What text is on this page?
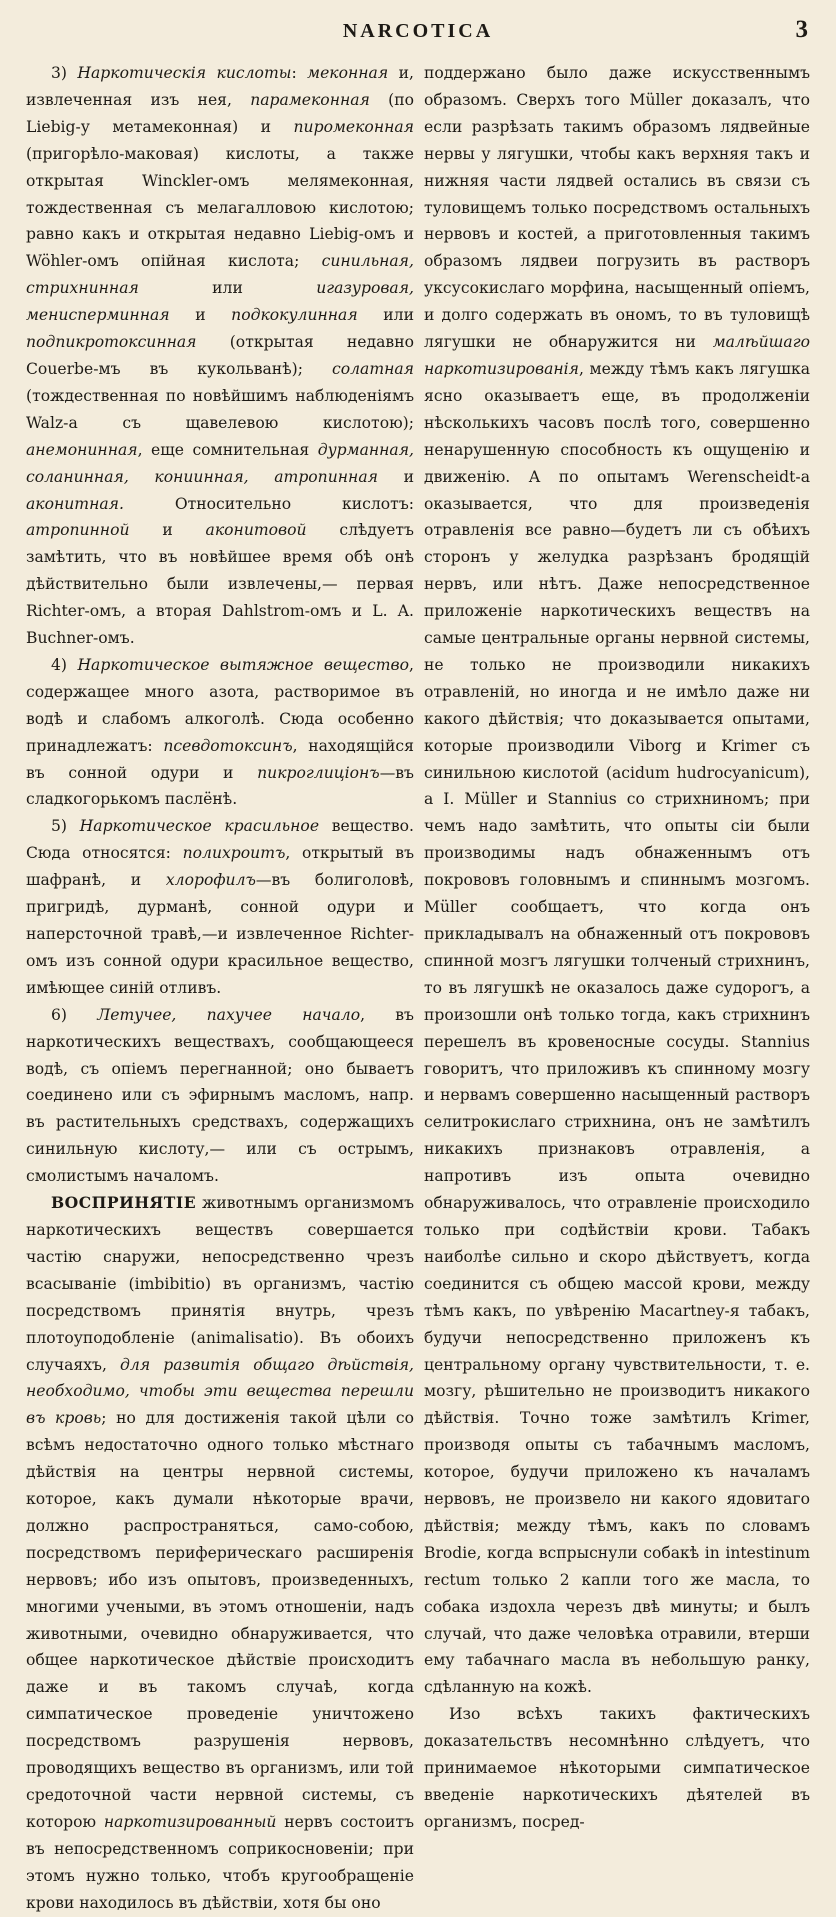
NARCOTICA	3

3) Наркотическія кислоты: меконная и, извлеченная изъ нея, парамеконная (по Liebig-у метамеконная) и пиромеконная (пригорѣло-маковая) кислоты, а также открытая Winckler-омъ мелямеконная, тождественная съ мелагалловою кислотою; равно какъ и открытая недавно Liebig-омъ и Wöhler-омъ опійная кислота; синильная, стрихнинная	или	игазуровая, менисперминная и подкокулинная или подпикротоксинная (открытая недавно Couerbe-мъ въ кукольванѣ); солатная (тождественная по новѣйшимъ наблюденіямъ Walz-а съ щавелевою кислотою); анемонинная, еще сомнительная дурманная, соланинная, кониинная, атропинная и аконитная.	Относительно кислотъ: атропинной и аконитовой слѣдуетъ замѣтить, что въ новѣйшее время обѣ онѣ дѣйствительно были извлечены,— первая Richter-омъ, а вторая Dahlstrom-омъ и L. A. Buchner-омъ.

4) Наркотическое вытяжное вещество, содержащее много азота, растворимое въ водѣ и слабомъ алкоголѣ. Сюда особенно принадлежатъ: псевдотоксинъ, находящійся въ сонной одури и пикроглиціонъ—въ сладкогорькомъ паслёнѣ.

5) Наркотическое красильное вещество. Сюда относятся: полихроитъ, открытый въ шафранѣ, и хлорофилъ—въ болиголовѣ, пригридѣ, дурманѣ, сонной одури и наперсточной травѣ,—и извлеченное Richter-омъ изъ сонной одури красильное вещество, имѣющее синій отливъ.

6) Летучее, пахучее начало, въ наркотическихъ веществахъ, сообщающееся водѣ, съ опіемъ перегнанной; оно бываетъ соединено или съ эфирнымъ масломъ, напр. въ растительныхъ средствахъ, содержащихъ синильную кислоту,— или съ острымъ, смолистымъ началомъ.

ВОСПРИНЯТІЕ животнымъ организмомъ наркотическихъ веществъ совершается частію снаружи, непосредственно чрезъ всасываніе (imbibitio) въ организмъ, частію посредствомъ принятія внутрь, чрезъ плотоуподобленіе (animalisatio). Въ обоихъ случаяхъ, для развитія общаго дѣйствія, необходимо, чтобы эти вещества перешли въ кровь; но для достиженія такой цѣли со всѣмъ недостаточно одного только мѣстнаго дѣйствія на центры нервной системы, которое, какъ думали нѣкоторые врачи, должно распространяться, само-собою, посредствомъ периферическаго расширенія нервовъ; ибо изъ опытовъ, произведенныхъ, многими учеными, въ этомъ отношеніи, надъ животными, очевидно обнаруживается, что общее наркотическое дѣйствіе происходитъ даже и въ такомъ случаѣ, когда симпатическое проведеніе уничтожено посредствомъ разрушенія нервовъ, проводящихъ вещество въ организмъ, или той средоточной части нервной системы, съ которою наркотизированный нервъ состоитъ въ непосредственномъ соприкосновеніи; при этомъ нужно только, чтобъ кругообращеніе крови находилось въ дѣйствіи, хотя бы оно

поддержано было даже искусственнымъ образомъ. Сверхъ того Müller доказалъ, что если разрѣзать такимъ образомъ лядвейные нервы у лягушки, чтобы какъ верхняя такъ и нижняя части лядвей остались въ связи съ туловищемъ только посредствомъ остальныхъ нервовъ и костей, а приготовленныя такимъ образомъ лядвеи погрузить въ растворъ уксусокислаго морфина, насыщенный опіемъ, и долго содержать въ ономъ, то въ туловищѣ лягушки не обнаружится ни малѣйшаго наркотизированія, между тѣмъ какъ лягушка ясно оказываетъ еще, въ продолженіи нѣсколькихъ часовъ послѣ того, совершенно ненарушенную способность къ ощущенію и движенію. А по опытамъ Werenscheidt-а оказывается, что для произведенія отравленія все равно—будетъ ли съ обѣихъ сторонъ у желудка разрѣзанъ бродящій нервъ, или нѣтъ. Даже непосредственное приложеніе наркотическихъ веществъ на самые центральные органы нервной системы, не только не производили никакихъ отравленій, но иногда и не имѣло даже ни какого дѣйствія; что доказывается опытами, которые производили Viborg и Krimer съ синильною кислотой (acidum hudrocyanicum), а I. Müller и Stannius со стрихниномъ; при чемъ надо замѣтить, что опыты сіи были производимы надъ обнаженнымъ отъ покрововъ головнымъ и спиннымъ мозгомъ. Müller сообщаетъ, что когда онъ прикладывалъ на обнаженный отъ покрововъ спинной мозгъ лягушки толченый стрихнинъ, то въ лягушкѣ не оказалось даже судорогъ, а произошли онѣ только тогда, какъ стрихнинъ перешелъ въ кровеносные сосуды. Stannius говоритъ, что приложивъ къ спинному мозгу и нервамъ совершенно насыщенный растворъ селитрокислаго стрихнина, онъ не замѣтилъ никакихъ признаковъ отравленія, а напротивъ изъ опыта очевидно обнаруживалось, что отравленіе происходило только при содѣйствіи крови. Табакъ наиболѣе сильно и скоро дѣйствуетъ, когда соединится съ общею массой крови, между тѣмъ какъ, по увѣренію Macartney-я табакъ, будучи непосредственно приложенъ къ центральному органу чувствительности, т. е. мозгу, рѣшительно не производитъ никакого дѣйствія. Точно тоже замѣтилъ Krimer, производя опыты съ табачнымъ масломъ, которое, будучи приложено къ началамъ нервовъ, не произвело ни какого ядовитаго дѣйствія; между тѣмъ, какъ по словамъ Brodie, когда вспрыснули собакѣ in intestinum rectum только 2 капли того же масла, то собака издохла черезъ двѣ минуты; и былъ случай, что даже человѣка отравили, втерши ему табачнаго масла въ небольшую ранку, сдѣланную на кожѣ.

Изо всѣхъ такихъ фактическихъ доказательствъ несомнѣнно слѣдуетъ, что принимаемое нѣкоторыми симпатическое введеніе наркотическихъ дѣятелей въ организмъ, посред-
